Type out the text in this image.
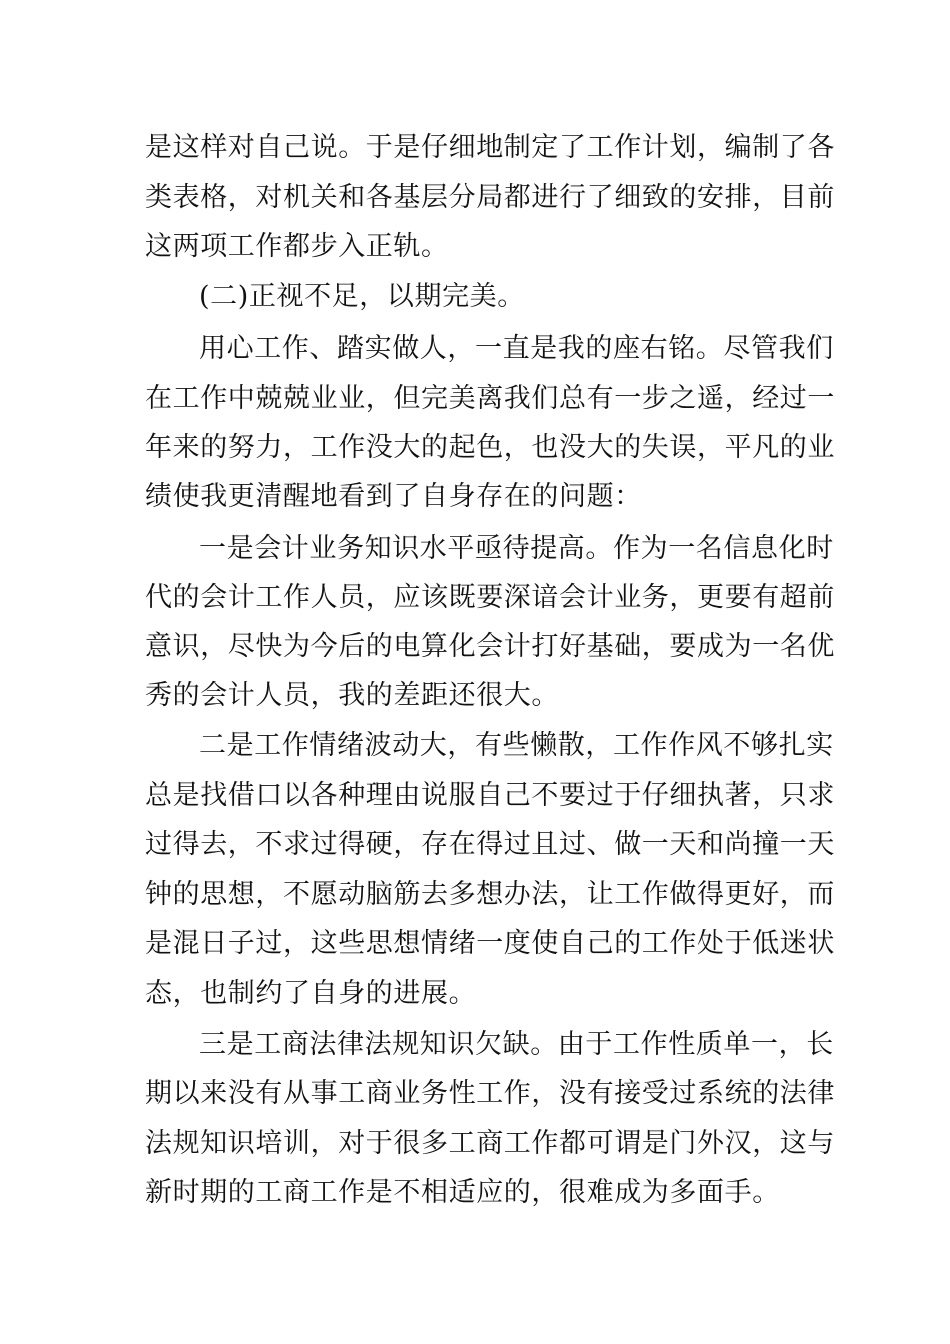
是这样对自己说。于是仔细地制定了工作计划，编制了各

类表格，对机关和各基层分局都进行了细致的安排，目前

这两项工作都步入正轨。

(二)正视不足，以期完美。

用心工作、踏实做人，一直是我的座右铭。尽管我们

在工作中兢兢业业，但完美离我们总有一步之遥，经过一

年来的努力，工作没大的起色，也没大的失误，平凡的业

绩使我更清醒地看到了自身存在的问题：

一是会计业务知识水平亟待提高。作为一名信息化时

代的会计工作人员，应该既要深谙会计业务，更要有超前

意识，尽快为今后的电算化会计打好基础，要成为一名优

秀的会计人员，我的差距还很大。

二是工作情绪波动大，有些懒散，工作作风不够扎实

总是找借口以各种理由说服自己不要过于仔细执著，只求

过得去，不求过得硬，存在得过且过、做一天和尚撞一天

钟的思想，不愿动脑筋去多想办法，让工作做得更好，而

是混日子过，这些思想情绪一度使自己的工作处于低迷状

态，也制约了自身的进展。

三是工商法律法规知识欠缺。由于工作性质单一，长

期以来没有从事工商业务性工作，没有接受过系统的法律

法规知识培训，对于很多工商工作都可谓是门外汉，这与

新时期的工商工作是不相适应的，很难成为多面手。
